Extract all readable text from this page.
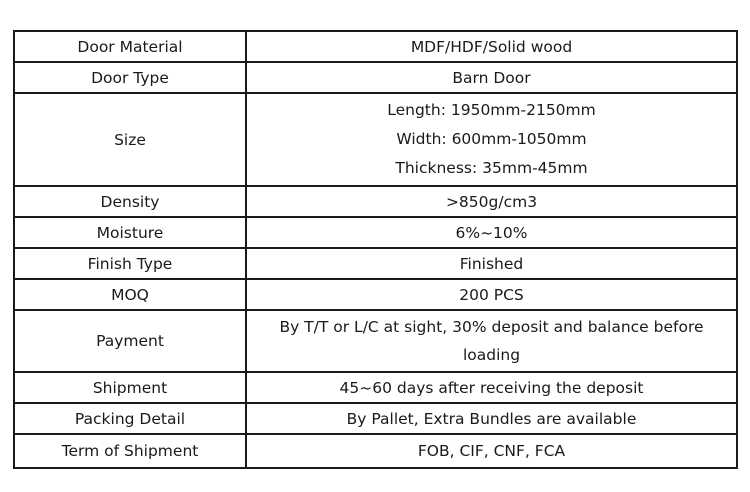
Door Material	MDF/HDF/Solid wood
Door Type	Barn Door
Size	Length: 1950mm-2150mm
Width: 600mm-1050mm
Thickness: 35mm-45mm

Density	>850g/cm3
Moisture	6%~10%
Finish Type	Finished
MOQ	200 PCS
Payment	By T/T or L/C at sight, 30% deposit and balance before loading
Shipment	45~60 days after receiving the deposit
Packing Detail	By Pallet, Extra Bundles are available
Term of Shipment	FOB, CIF, CNF, FCA
